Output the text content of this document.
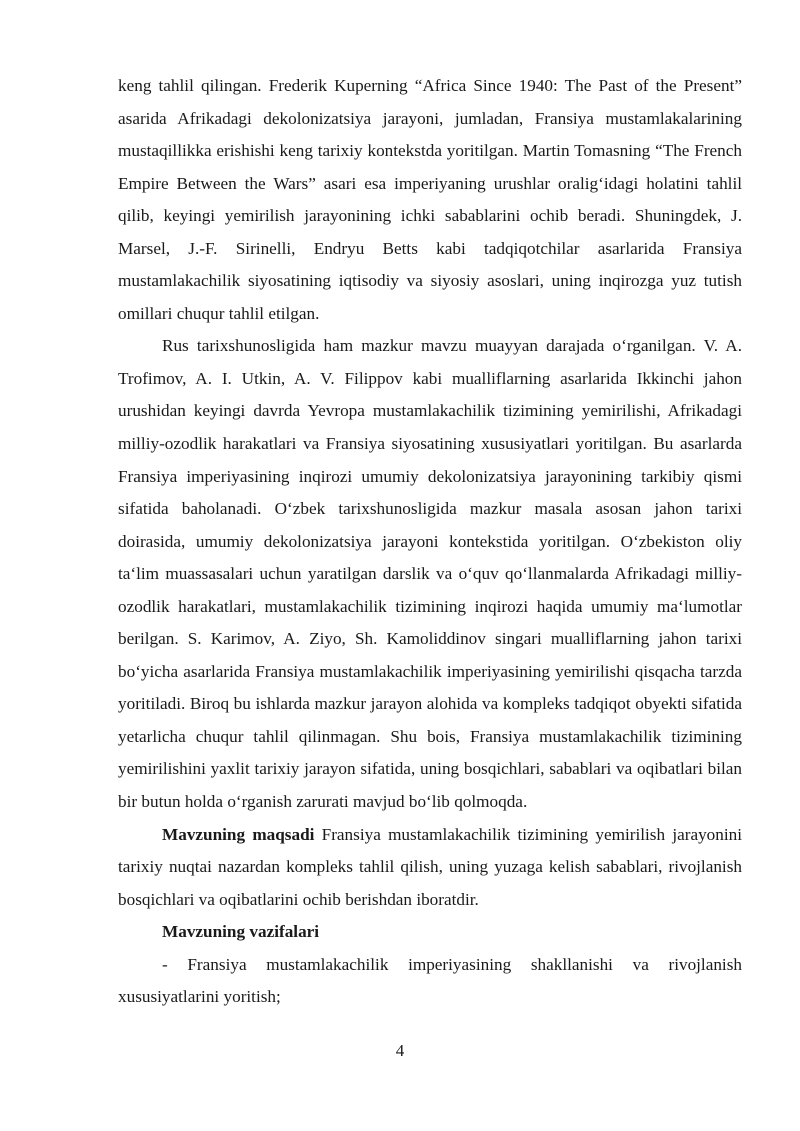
keng tahlil qilingan. Frederik Kuperning “Africa Since 1940: The Past of the Present” asarida Afrikadagi dekolonizatsiya jarayoni, jumladan, Fransiya mustamlakalarining mustaqillikka erishishi keng tarixiy kontekstda yoritilgan. Martin Tomasning “The French Empire Between the Wars” asari esa imperiyaning urushlar oralig‘idagi holatini tahlil qilib, keyingi yemirilish jarayonining ichki sabablarini ochib beradi. Shuningdek, J. Marsel, J.-F. Sirinelli, Endryu Betts kabi tadqiqotchilar asarlarida Fransiya mustamlakachilik siyosatining iqtisodiy va siyosiy asoslari, uning inqirozga yuz tutish omillari chuqur tahlil etilgan.

Rus tarixshunosligida ham mazkur mavzu muayyan darajada o‘rganilgan. V. A. Trofimov, A. I. Utkin, A. V. Filippov kabi mualliflarning asarlarida Ikkinchi jahon urushidan keyingi davrda Yevropa mustamlakachilik tizimining yemirilishi, Afrikadagi milliy-ozodlik harakatlari va Fransiya siyosatining xususiyatlari yoritilgan. Bu asarlarda Fransiya imperiyasining inqirozi umumiy dekolonizatsiya jarayonining tarkibiy qismi sifatida baholanadi. O‘zbek tarixshunosligida mazkur masala asosan jahon tarixi doirasida, umumiy dekolonizatsiya jarayoni kontekstida yoritilgan. O‘zbekiston oliy ta‘lim muassasalari uchun yaratilgan darslik va o‘quv qo‘llanmalarda Afrikadagi milliy-ozodlik harakatlari, mustamlakachilik tizimining inqirozi haqida umumiy ma‘lumotlar berilgan. S. Karimov, A. Ziyo, Sh. Kamoliddinov singari mualliflarning jahon tarixi bo‘yicha asarlarida Fransiya mustamlakachilik imperiyasining yemirilishi qisqacha tarzda yoritiladi. Biroq bu ishlarda mazkur jarayon alohida va kompleks tadqiqot obyekti sifatida yetarlicha chuqur tahlil qilinmagan. Shu bois, Fransiya mustamlakachilik tizimining yemirilishini yaxlit tarixiy jarayon sifatida, uning bosqichlari, sabablari va oqibatlari bilan bir butun holda o‘rganish zarurati mavjud bo‘lib qolmoqda.

Mavzuning maqsadi Fransiya mustamlakachilik tizimining yemirilish jarayonini tarixiy nuqtai nazardan kompleks tahlil qilish, uning yuzaga kelish sabablari, rivojlanish bosqichlari va oqibatlarini ochib berishdan iboratdir.

Mavzuning vazifalari

- Fransiya mustamlakachilik imperiyasining shakllanishi va rivojlanish xususiyatlarini yoritish;

4
